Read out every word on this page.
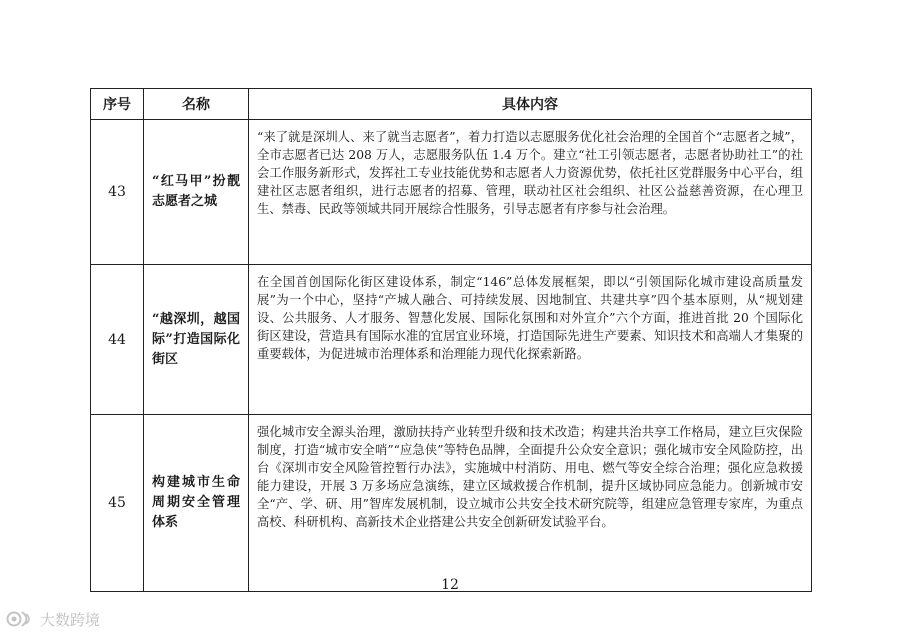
序号	名称	具体内容
43	“红马甲”扮靓志愿者之城	“来了就是深圳人、来了就当志愿者”，着力打造以志愿服务优化社会治理的全国首个“志愿者之城”，全市志愿者已达 208 万人，志愿服务队伍 1.4 万个。建立“社工引领志愿者，志愿者协助社工”的社会工作服务新形式，发挥社工专业技能优势和志愿者人力资源优势，依托社区党群服务中心平台，组建社区志愿者组织，进行志愿者的招募、管理，联动社区社会组织、社区公益慈善资源，在心理卫生、禁毒、民政等领域共同开展综合性服务，引导志愿者有序参与社会治理。
44	“越深圳，越国际”打造国际化街区	在全国首创国际化街区建设体系，制定“146”总体发展框架，即以“引领国际化城市建设高质量发展”为一个中心，坚持“产城人融合、可持续发展、因地制宜、共建共享”四个基本原则，从“规划建设、公共服务、人才服务、智慧化发展、国际化氛围和对外宣介”六个方面，推进首批 20 个国际化街区建设，营造具有国际水准的宜居宜业环境，打造国际先进生产要素、知识技术和高端人才集聚的重要载体，为促进城市治理体系和治理能力现代化探索新路。
45	构建城市生命周期安全管理体系	强化城市安全源头治理，激励扶持产业转型升级和技术改造；构建共治共享工作格局，建立巨灾保险制度，打造“城市安全哨”“应急侠”等特色品牌，全面提升公众安全意识；强化城市安全风险防控，出台《深圳市安全风险管控暂行办法》，实施城中村消防、用电、燃气等安全综合治理；强化应急救援能力建设，开展 3 万多场应急演练，建立区域救援合作机制，提升区域协同应急能力。创新城市安全“产、学、研、用”智库发展机制，设立城市公共安全技术研究院等，组建应急管理专家库，为重点高校、科研机构、高新技术企业搭建公共安全创新研发试验平台。
12
大数跨境
